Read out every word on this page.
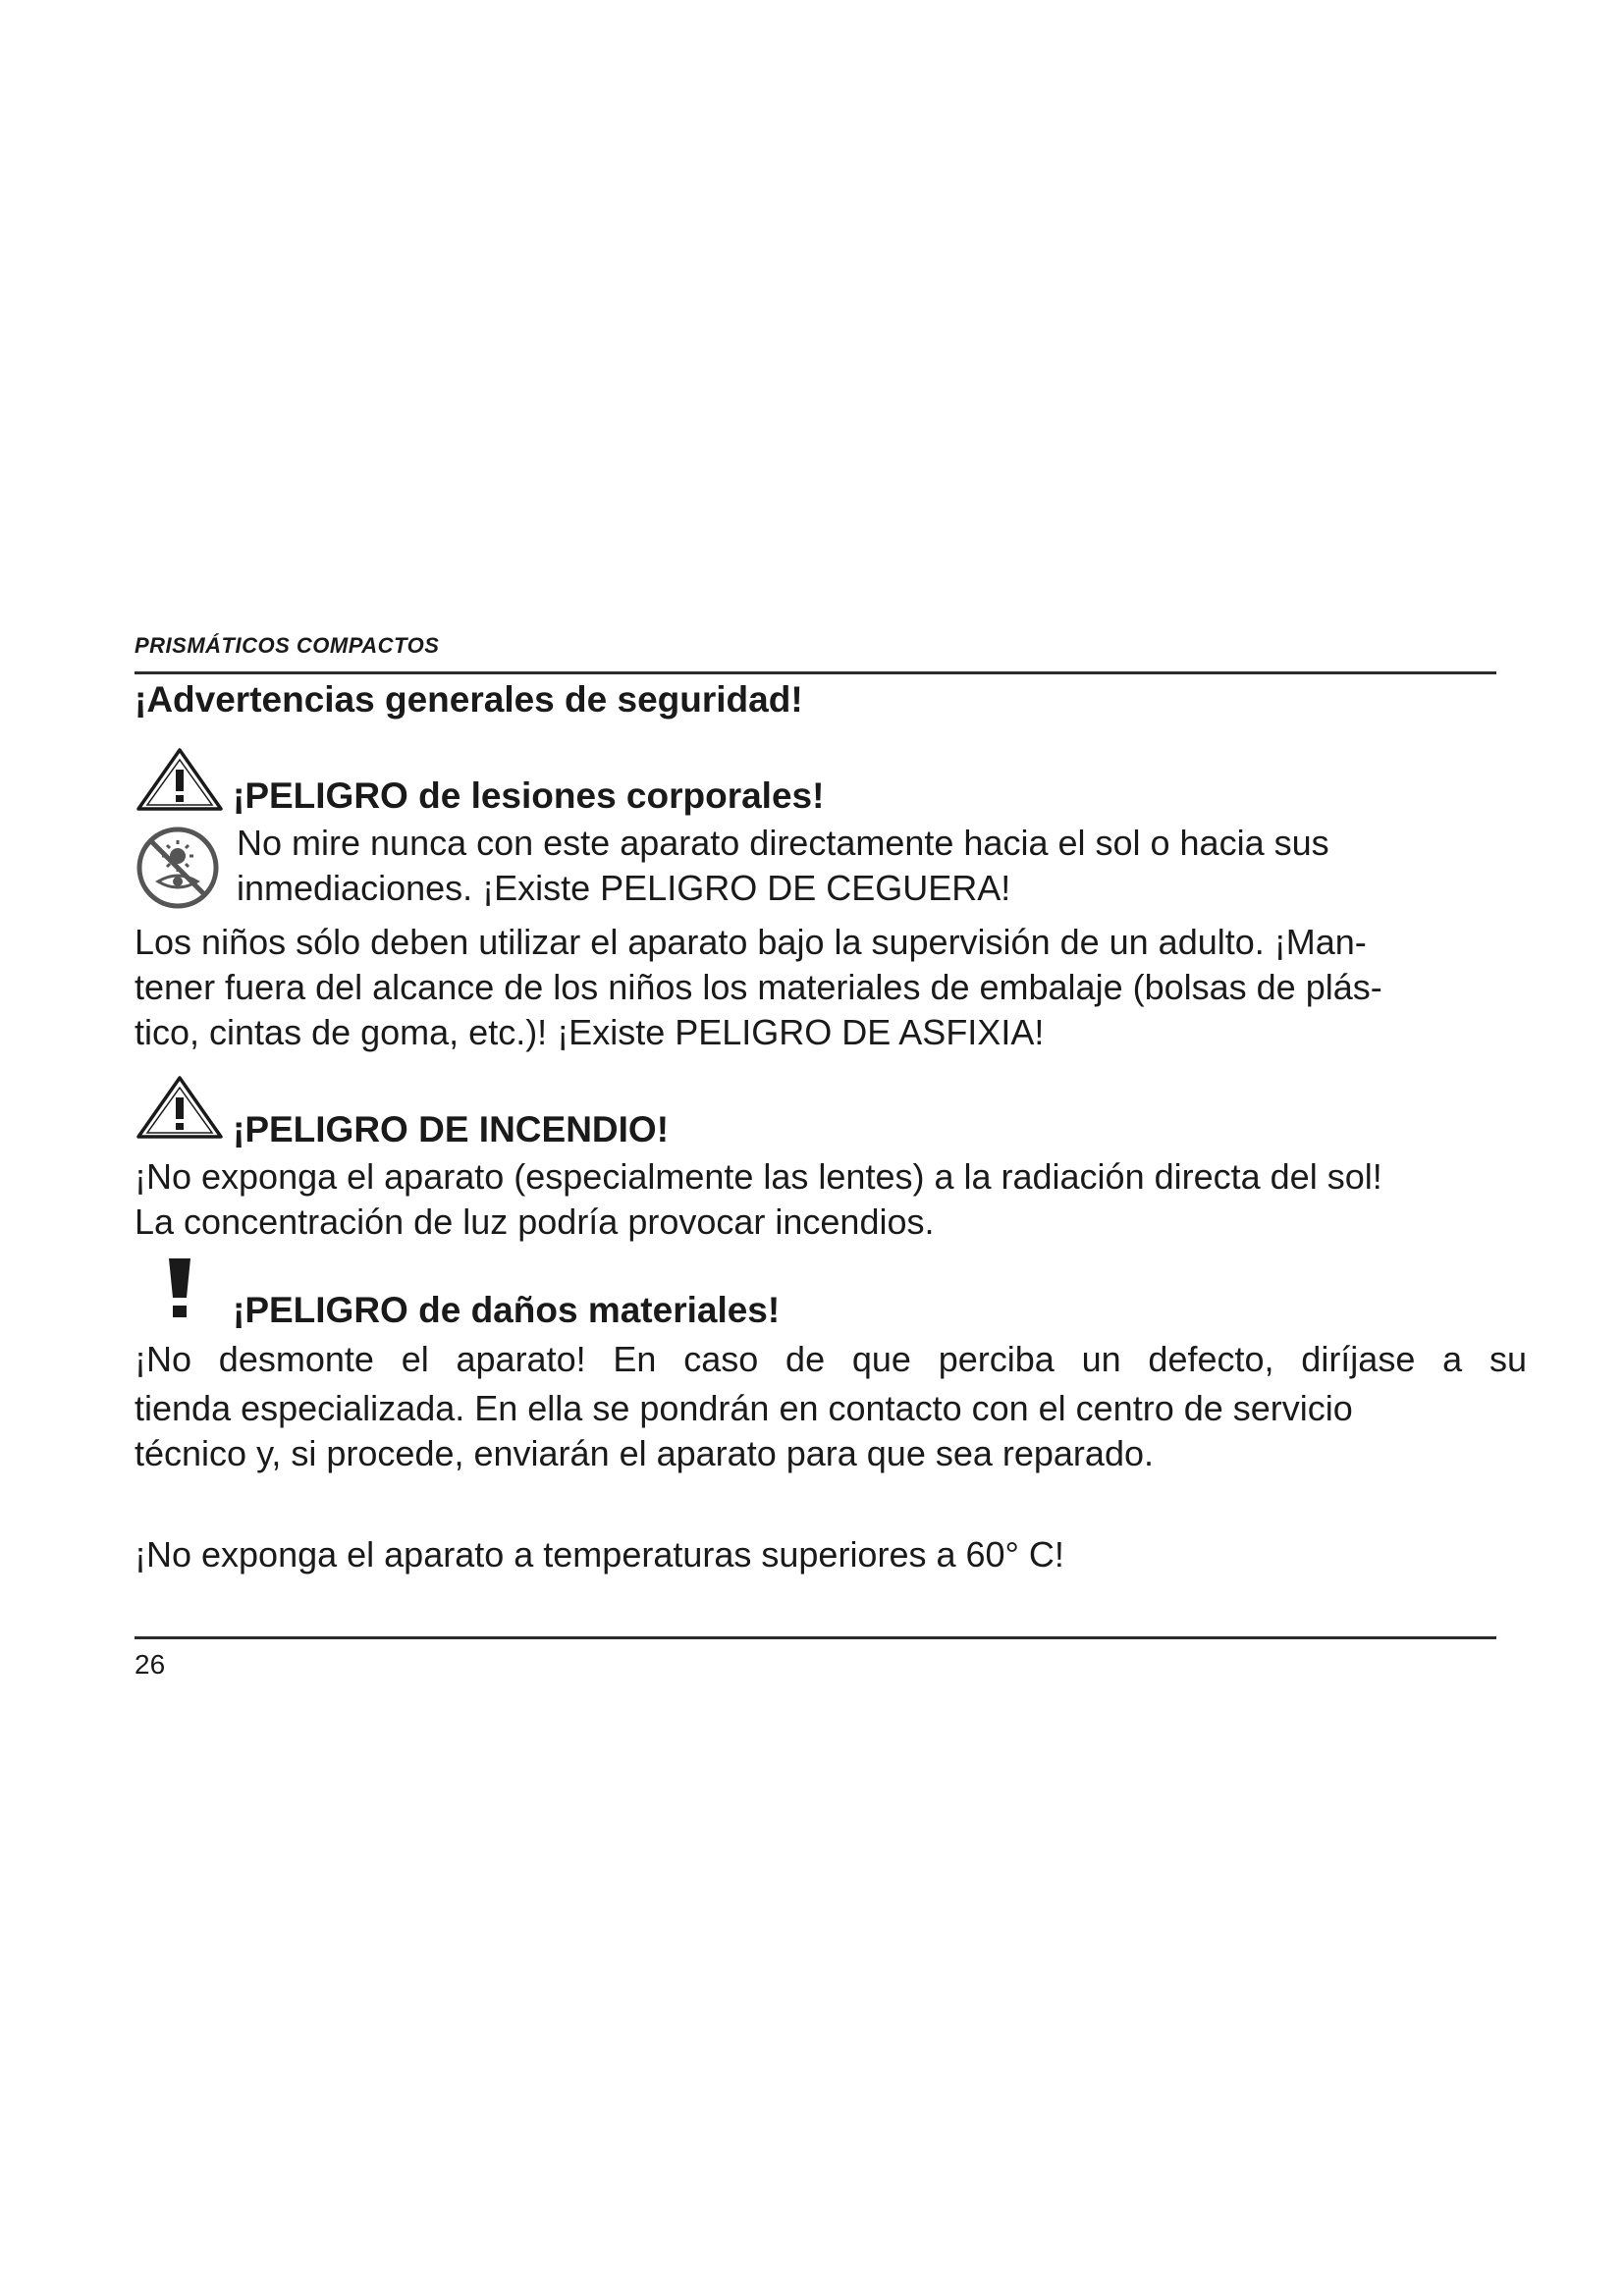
PRISMÁTICOS COMPACTOS
¡Advertencias generales de seguridad!
¡PELIGRO de lesiones corporales!
No mire nunca con este aparato directamente hacia el sol o hacia sus
inmediaciones. ¡Existe PELIGRO DE CEGUERA!
Los niños sólo deben utilizar el aparato bajo la supervisión de un adulto. ¡Man-
tener fuera del alcance de los niños los materiales de embalaje (bolsas de plás-
tico, cintas de goma, etc.)! ¡Existe PELIGRO DE ASFIXIA!
¡PELIGRO DE INCENDIO!
¡No exponga el aparato (especialmente las lentes) a la radiación directa del sol!
La concentración de luz podría provocar incendios.
¡PELIGRO de daños materiales!
¡No desmonte el aparato! En caso de que perciba un defecto, diríjase a su
tienda especializada. En ella se pondrán en contacto con el centro de servicio
técnico y, si procede, enviarán el aparato para que sea reparado.
¡No exponga el aparato a temperaturas superiores a 60° C!
26
